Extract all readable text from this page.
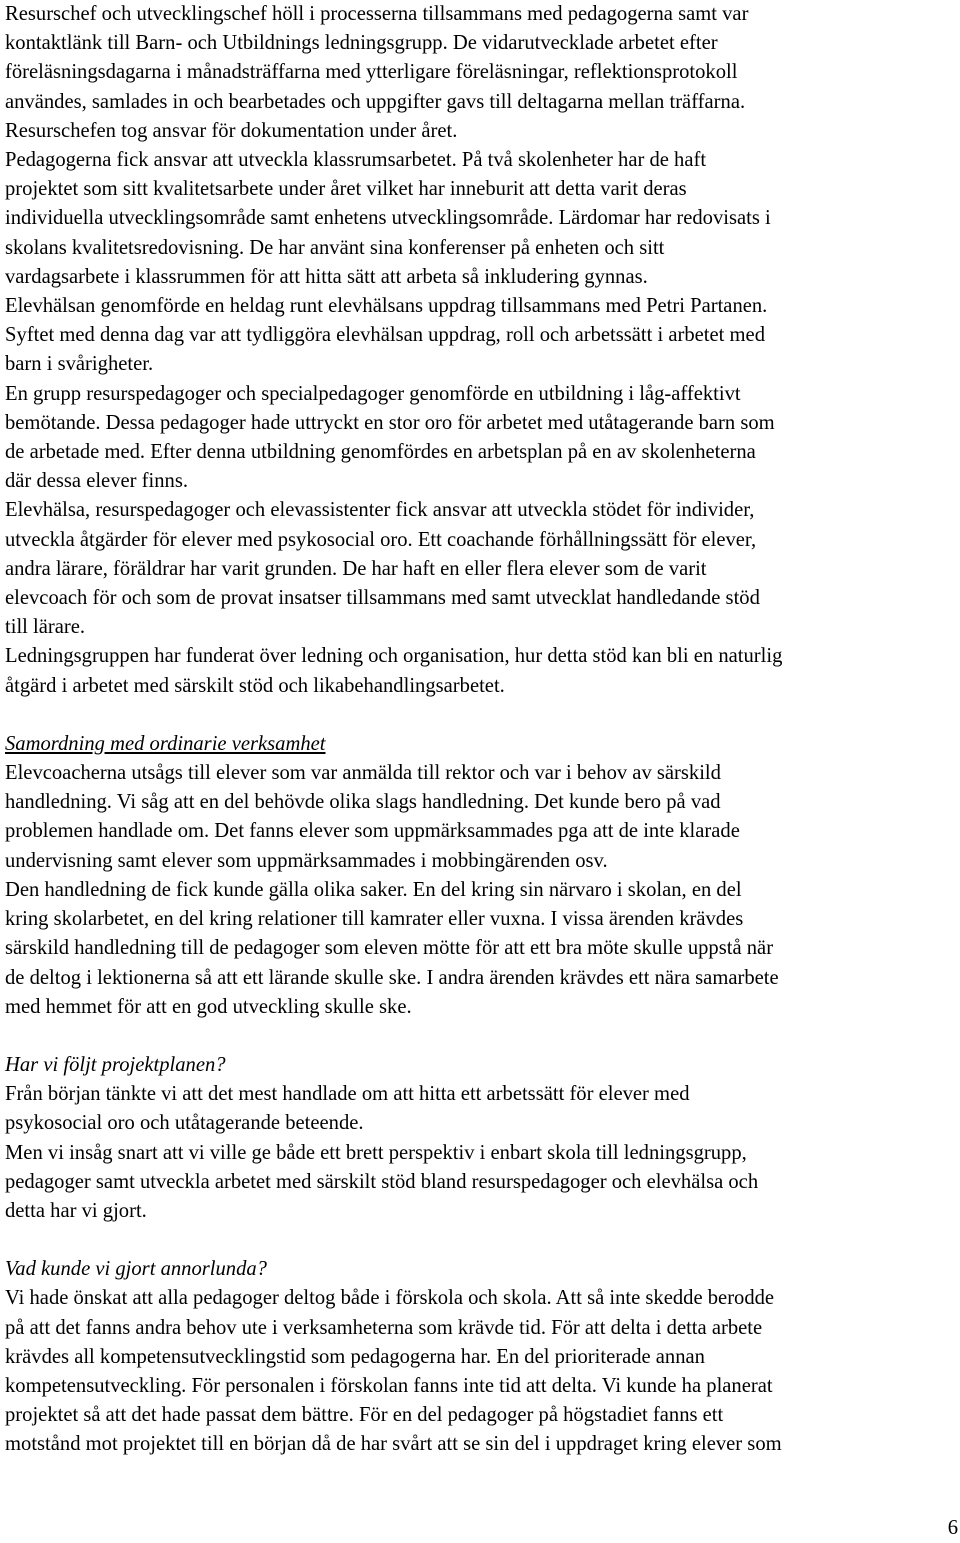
Resurschef och utvecklingschef höll i processerna tillsammans med pedagogerna samt var
kontaktlänk till Barn- och Utbildnings ledningsgrupp. De vidarutvecklade arbetet efter
föreläsningsdagarna i månadsträffarna med ytterligare föreläsningar, reflektionsprotokoll
användes, samlades in och bearbetades och uppgifter gavs till deltagarna mellan träffarna.
Resurschefen tog ansvar för dokumentation under året.
Pedagogerna fick ansvar att utveckla klassrumsarbetet. På två skolenheter har de haft
projektet som sitt kvalitetsarbete under året vilket har inneburit att detta varit deras
individuella utvecklingsområde samt enhetens utvecklingsområde. Lärdomar har redovisats i
skolans kvalitetsredovisning. De har använt sina konferenser på enheten och sitt
vardagsarbete i klassrummen för att hitta sätt att arbeta så inkludering gynnas.
Elevhälsan genomförde en heldag runt elevhälsans uppdrag tillsammans med Petri Partanen.
Syftet med denna dag var att tydliggöra elevhälsan uppdrag, roll och arbetssätt i arbetet med
barn i svårigheter.
En grupp resurspedagoger och specialpedagoger genomförde en utbildning i låg-affektivt
bemötande. Dessa pedagoger hade uttryckt en stor oro för arbetet med utåtagerande barn som
de arbetade med. Efter denna utbildning genomfördes en arbetsplan på en av skolenheterna
där dessa elever finns.
Elevhälsa, resurspedagoger och elevassistenter fick ansvar att utveckla stödet för individer,
utveckla åtgärder för elever med psykosocial oro. Ett coachande förhållningssätt för elever,
andra lärare, föräldrar har varit grunden. De har haft en eller flera elever som de varit
elevcoach för och som de provat insatser tillsammans med samt utvecklat handledande stöd
till lärare.
Ledningsgruppen har funderat över ledning och organisation, hur detta stöd kan bli en naturlig
åtgärd i arbetet med särskilt stöd och likabehandlingsarbetet.

Samordning med ordinarie verksamhet

Elevcoacherna utsågs till elever som var anmälda till rektor och var i behov av särskild
handledning. Vi såg att en del behövde olika slags handledning. Det kunde bero på vad
problemen handlade om. Det fanns elever som uppmärksammades pga att de inte klarade
undervisning samt elever som uppmärksammades i mobbingärenden osv.
Den handledning de fick kunde gälla olika saker. En del kring sin närvaro i skolan, en del
kring skolarbetet, en del kring relationer till kamrater eller vuxna. I vissa ärenden krävdes
särskild handledning till de pedagoger som eleven mötte för att ett bra möte skulle uppstå när
de deltog i lektionerna så att ett lärande skulle ske. I andra ärenden krävdes ett nära samarbete
med hemmet för att en god utveckling skulle ske.

Har vi följt projektplanen?

Från början tänkte vi att det mest handlade om att hitta ett arbetssätt för elever med
psykosocial oro och utåtagerande beteende.
Men vi insåg snart att vi ville ge både ett brett perspektiv i enbart skola till ledningsgrupp,
pedagoger samt utveckla arbetet med särskilt stöd bland resurspedagoger och elevhälsa och
detta har vi gjort.

Vad kunde vi gjort annorlunda?

Vi hade önskat att alla pedagoger deltog både i förskola och skola. Att så inte skedde berodde
på att det fanns andra behov ute i verksamheterna som krävde tid. För att delta i detta arbete
krävdes all kompetensutvecklingstid som pedagogerna har. En del prioriterade annan
kompetensutveckling. För personalen i förskolan fanns inte tid att delta. Vi kunde ha planerat
projektet så att det hade passat dem bättre. För en del pedagoger på högstadiet fanns ett
motstånd mot projektet till en början då de har svårt att se sin del i uppdraget kring elever som

6
